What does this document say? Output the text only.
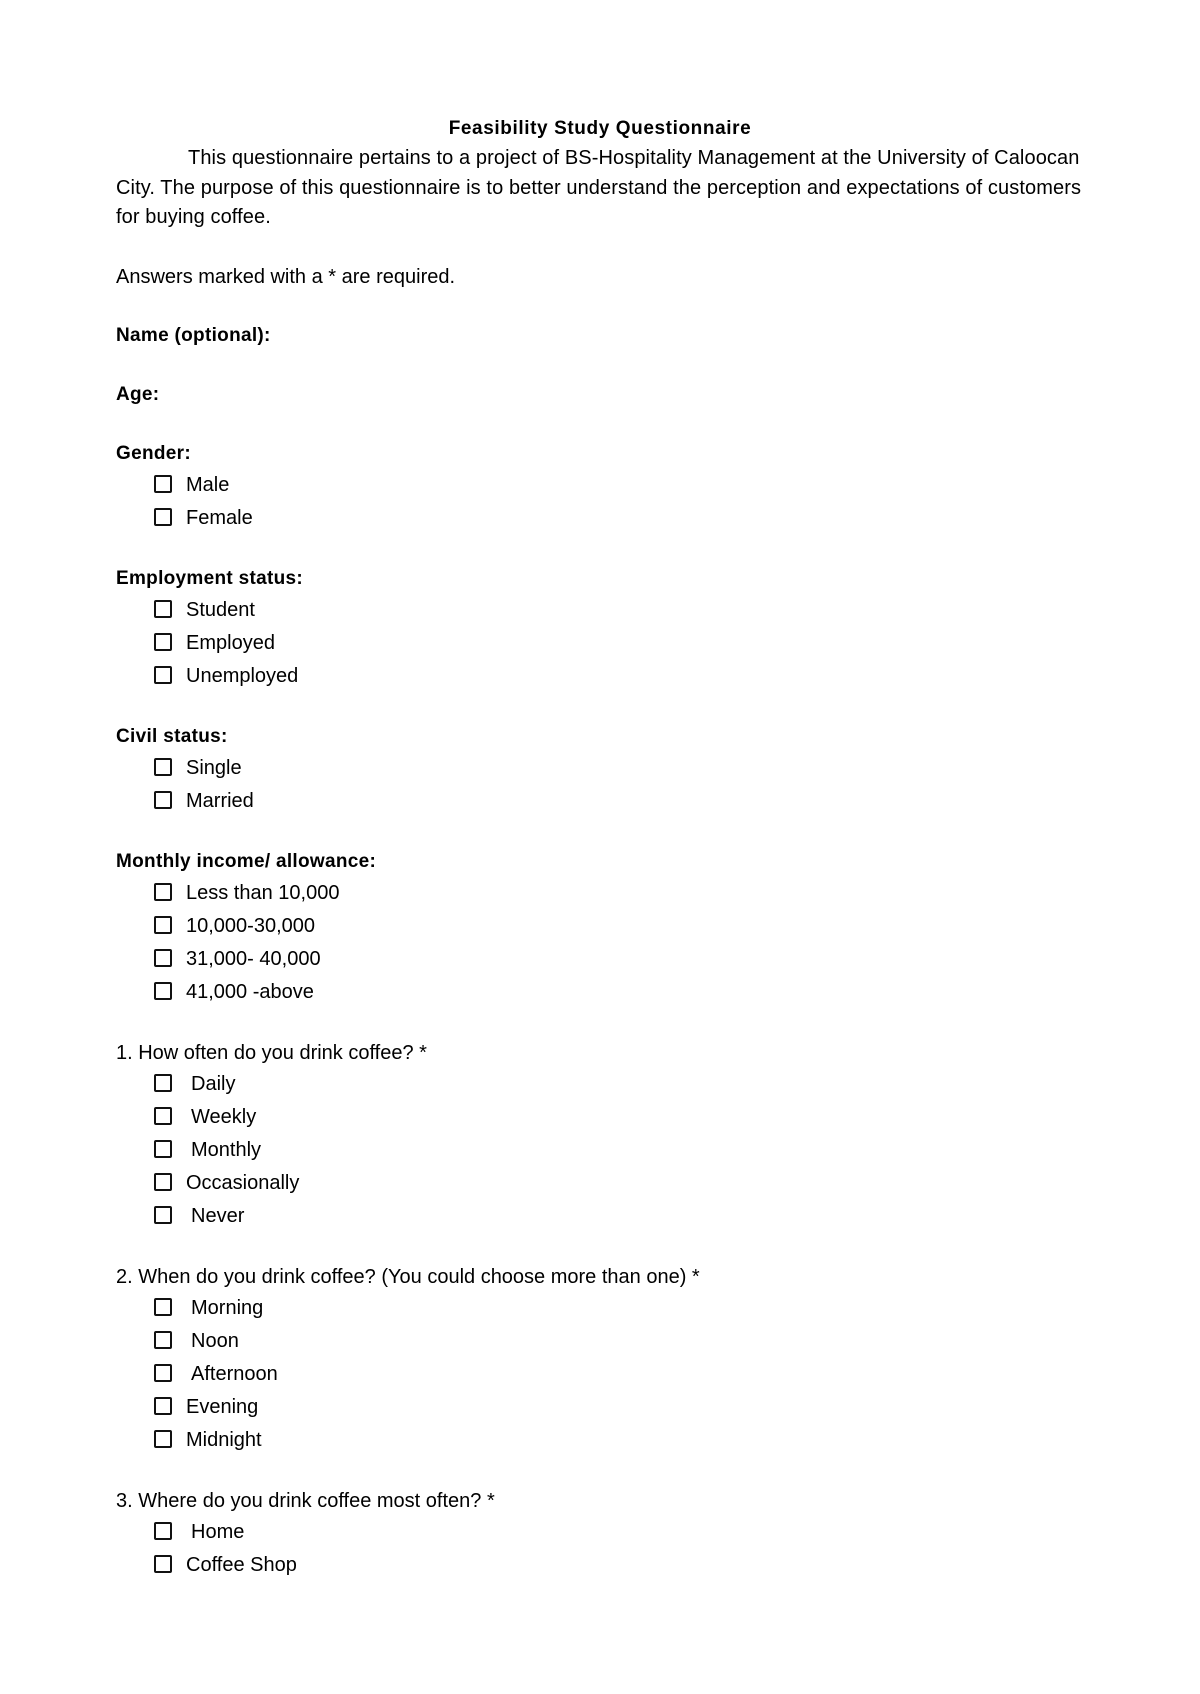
Feasibility Study Questionnaire

This questionnaire pertains to a project of BS-Hospitality Management at the University of Caloocan City. The purpose of this questionnaire is to better understand the perception and expectations of customers for buying coffee.

Answers marked with a * are required.

Name (optional):
Age:
Gender:
Male
Female
Employment status:
Student
Employed
Unemployed
Civil status:
Single
Married
Monthly income/ allowance:
Less than 10,000
10,000-30,000
31,000- 40,000
41,000 -above
1. How often do you drink coffee? *
Daily
Weekly
Monthly
Occasionally
Never
2. When do you drink coffee? (You could choose more than one) *
Morning
Noon
Afternoon
Evening
Midnight
3. Where do you drink coffee most often? *
Home
Coffee Shop
